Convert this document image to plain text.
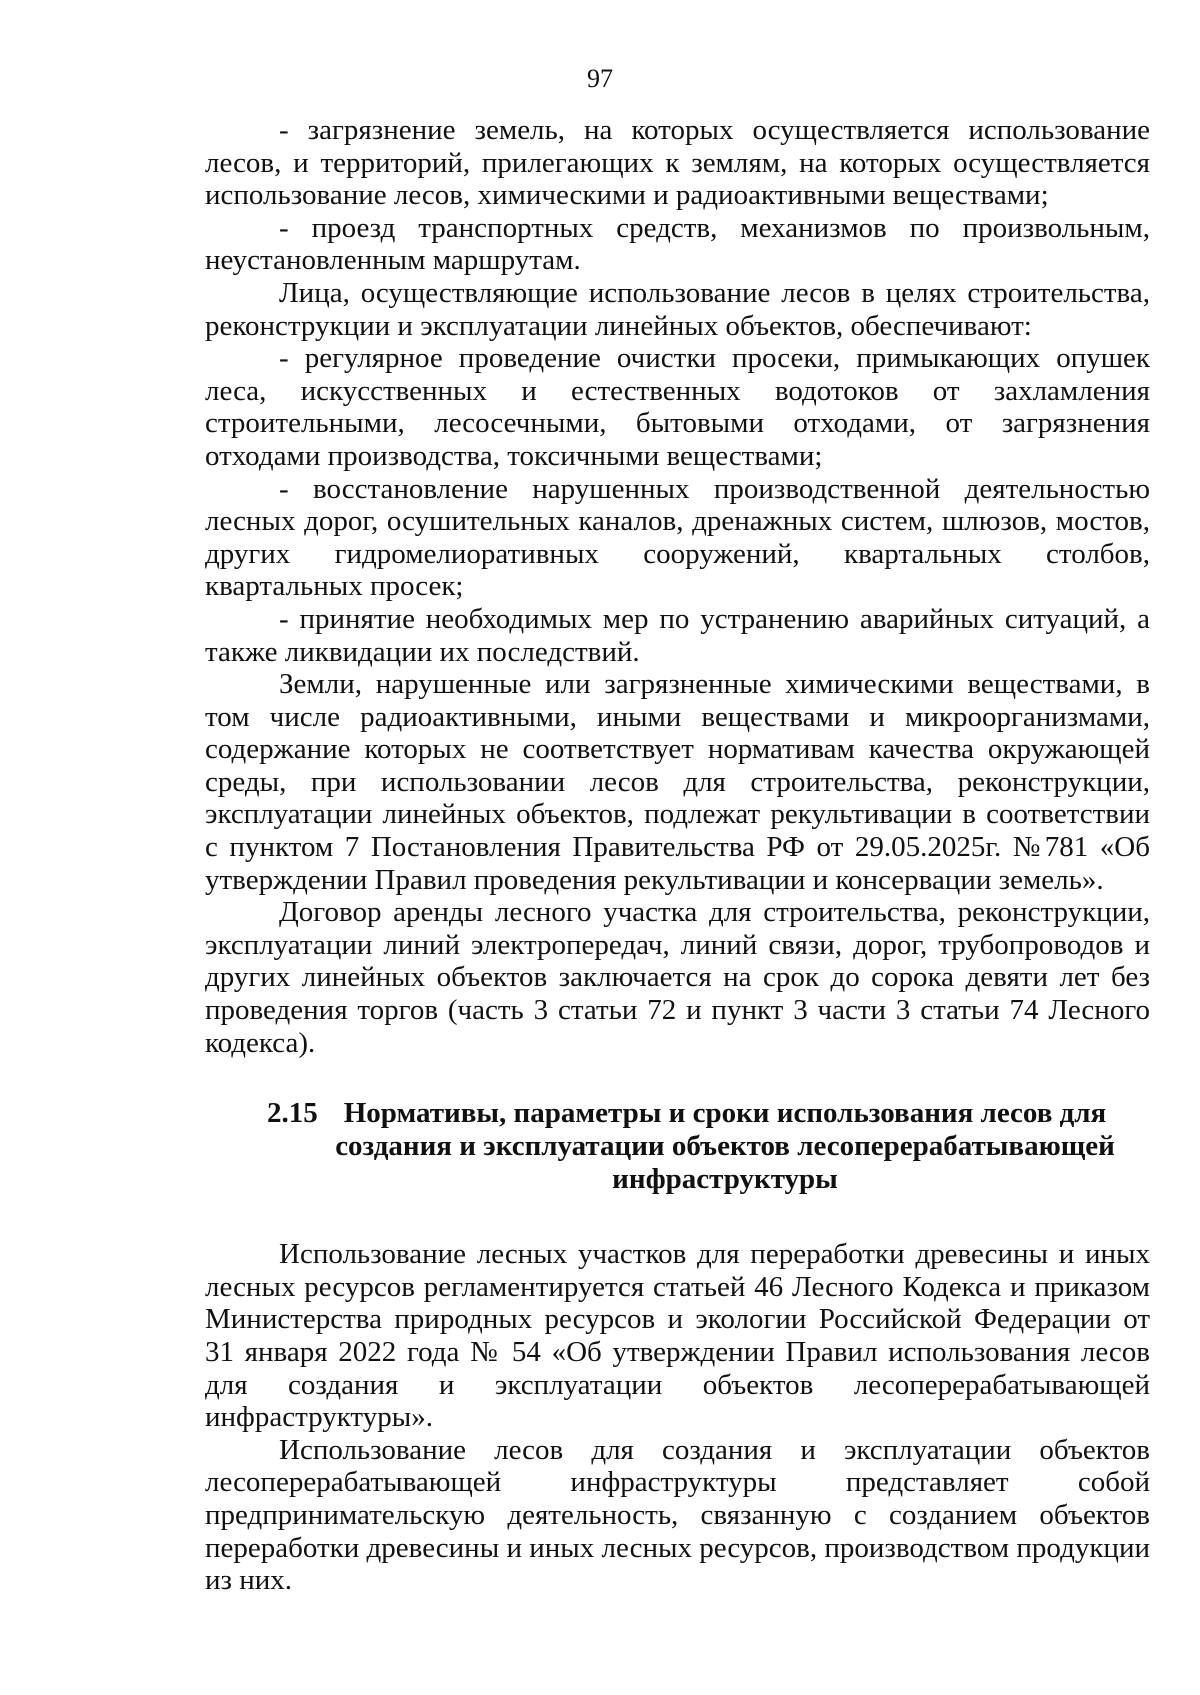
97

- загрязнение земель, на которых осуществляется использование лесов, и территорий, прилегающих к землям, на которых осуществляется использование лесов, химическими и радиоактивными веществами;

- проезд транспортных средств, механизмов по произвольным, неустановленным маршрутам.

Лица, осуществляющие использование лесов в целях строительства, реконструкции и эксплуатации линейных объектов, обеспечивают:

- регулярное проведение очистки просеки, примыкающих опушек леса, искусственных и естественных водотоков от захламления строительными, лесосечными, бытовыми отходами, от загрязнения отходами производства, токсичными веществами;

- восстановление нарушенных производственной деятельностью лесных дорог, осушительных каналов, дренажных систем, шлюзов, мостов, других гидромелиоративных сооружений, квартальных столбов, квартальных просек;

- принятие необходимых мер по устранению аварийных ситуаций, а также ликвидации их последствий.

Земли, нарушенные или загрязненные химическими веществами, в том числе радиоактивными, иными веществами и микроорганизмами, содержание которых не соответствует нормативам качества окружающей среды, при использовании лесов для строительства, реконструкции, эксплуатации линейных объектов, подлежат рекультивации в соответствии с пунктом 7 Постановления Правительства РФ от 29.05.2025г. №781 «Об утверждении Правил проведения рекультивации и консервации земель».

Договор аренды лесного участка для строительства, реконструкции, эксплуатации линий электропередач, линий связи, дорог, трубопроводов и других линейных объектов заключается на срок до сорока девяти лет без проведения торгов (часть 3 статьи 72 и пункт 3 части 3 статьи 74 Лесного кодекса).

2.15 Нормативы, параметры и сроки использования лесов для создания и эксплуатации объектов лесоперерабатывающей инфраструктуры

Использование лесных участков для переработки древесины и иных лесных ресурсов регламентируется статьей 46 Лесного Кодекса и приказом Министерства природных ресурсов и экологии Российской Федерации от 31 января 2022 года № 54 «Об утверждении Правил использования лесов для создания и эксплуатации объектов лесоперерабатывающей инфраструктуры».

Использование лесов для создания и эксплуатации объектов лесоперерабатывающей инфраструктуры представляет собой предпринимательскую деятельность, связанную с созданием объектов переработки древесины и иных лесных ресурсов, производством продукции из них.
